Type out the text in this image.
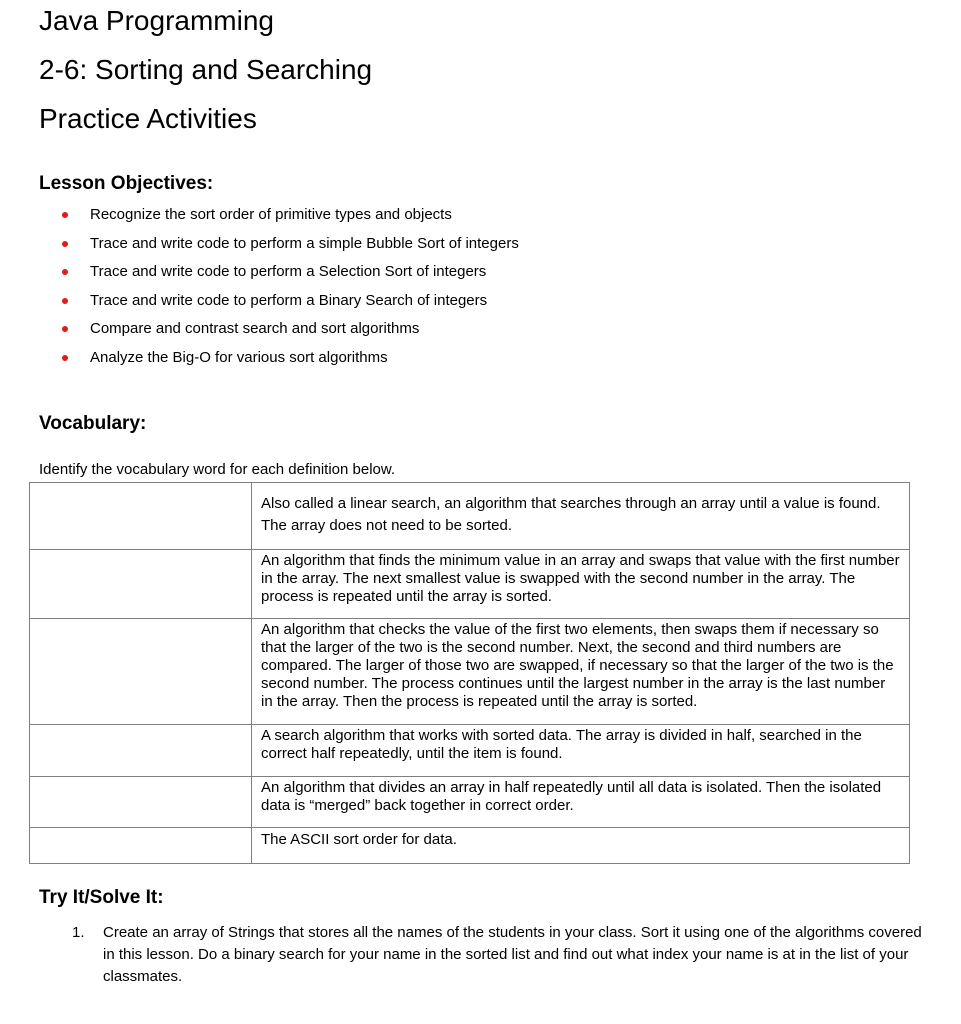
Java Programming
2-6: Sorting and Searching
Practice Activities
Lesson Objectives:
Recognize the sort order of primitive types and objects
Trace and write code to perform a simple Bubble Sort of integers
Trace and write code to perform a Selection Sort of integers
Trace and write code to perform a Binary Search of integers
Compare and contrast search and sort algorithms
Analyze the Big-O for various sort algorithms
Vocabulary:

Identify the vocabulary word for each definition below.

	Also called a linear search, an algorithm that searches through an array until a value is found. The array does not need to be sorted.
	An algorithm that finds the minimum value in an array and swaps that value with the first number in the array. The next smallest value is swapped with the second number in the array. The process is repeated until the array is sorted.
	An algorithm that checks the value of the first two elements, then swaps them if necessary so that the larger of the two is the second number. Next, the second and third numbers are compared. The larger of those two are swapped, if necessary so that the larger of the two is the second number. The process continues until the largest number in the array is the last number in the array. Then the process is repeated until the array is sorted.
	A search algorithm that works with sorted data. The array is divided in half, searched in the correct half repeatedly, until the item is found.
	An algorithm that divides an array in half repeatedly until all data is isolated. Then the isolated data is “merged” back together in correct order.
	The ASCII sort order for data.
Try It/Solve It:
1. Create an array of Strings that stores all the names of the students in your class. Sort it using one of the algorithms covered in this lesson. Do a binary search for your name in the sorted list and find out what index your name is at in the list of your classmates.
